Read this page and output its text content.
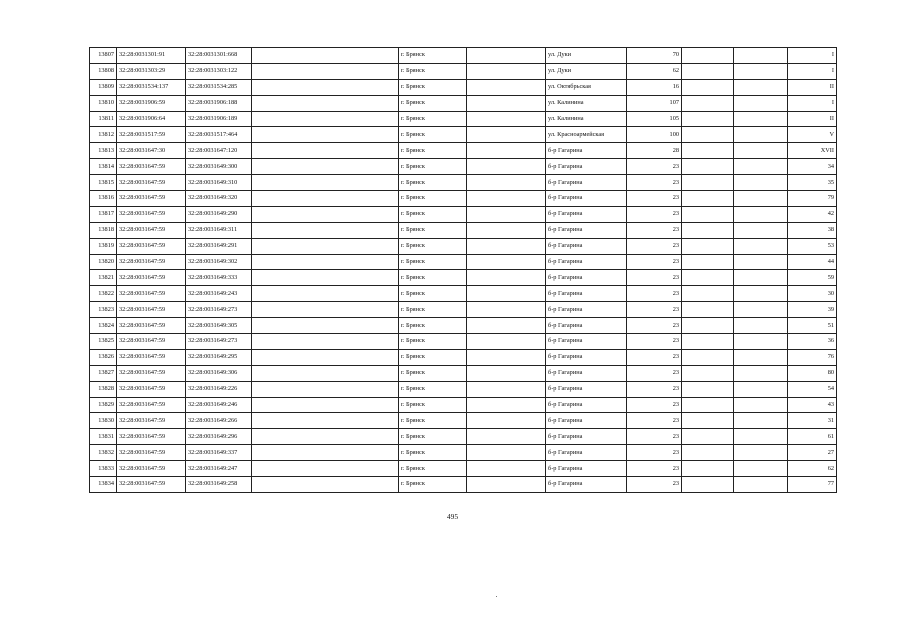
13807	32:28:0031301:91	32:28:0031301:668		г. Брянск		ул. Дуки	70			I
13808	32:28:0031303:29	32:28:0031303:122		г. Брянск		ул. Дуки	62			I
13809	32:28:0031534:137	32:28:0031534:285		г. Брянск		ул. Октябрьская	16			II
13810	32:28:0031906:59	32:28:0031906:188		г. Брянск		ул. Калинина	107			I
13811	32:28:0031906:64	32:28:0031906:189		г. Брянск		ул. Калинина	105			II
13812	32:28:0031517:59	32:28:0031517:464		г. Брянск		ул. Красноармейская	100			V
13813	32:28:0031647:30	32:28:0031647:120		г. Брянск		б-р Гагарина	28			XVII
13814	32:28:0031647:59	32:28:0031649:300		г. Брянск		б-р Гагарина	23			34
13815	32:28:0031647:59	32:28:0031649:310		г. Брянск		б-р Гагарина	23			35
13816	32:28:0031647:59	32:28:0031649:320		г. Брянск		б-р Гагарина	23			79
13817	32:28:0031647:59	32:28:0031649:290		г. Брянск		б-р Гагарина	23			42
13818	32:28:0031647:59	32:28:0031649:311		г. Брянск		б-р Гагарина	23			38
13819	32:28:0031647:59	32:28:0031649:291		г. Брянск		б-р Гагарина	23			53
13820	32:28:0031647:59	32:28:0031649:302		г. Брянск		б-р Гагарина	23			44
13821	32:28:0031647:59	32:28:0031649:333		г. Брянск		б-р Гагарина	23			59
13822	32:28:0031647:59	32:28:0031649:243		г. Брянск		б-р Гагарина	23			30
13823	32:28:0031647:59	32:28:0031649:273		г. Брянск		б-р Гагарина	23			39
13824	32:28:0031647:59	32:28:0031649:305		г. Брянск		б-р Гагарина	23			51
13825	32:28:0031647:59	32:28:0031649:273		г. Брянск		б-р Гагарина	23			36
13826	32:28:0031647:59	32:28:0031649:295		г. Брянск		б-р Гагарина	23			76
13827	32:28:0031647:59	32:28:0031649:306		г. Брянск		б-р Гагарина	23			80
13828	32:28:0031647:59	32:28:0031649:226		г. Брянск		б-р Гагарина	23			54
13829	32:28:0031647:59	32:28:0031649:246		г. Брянск		б-р Гагарина	23			43
13830	32:28:0031647:59	32:28:0031649:266		г. Брянск		б-р Гагарина	23			31
13831	32:28:0031647:59	32:28:0031649:296		г. Брянск		б-р Гагарина	23			61
13832	32:28:0031647:59	32:28:0031649:337		г. Брянск		б-р Гагарина	23			27
13833	32:28:0031647:59	32:28:0031649:247		г. Брянск		б-р Гагарина	23			62
13834	32:28:0031647:59	32:28:0031649:258		г. Брянск		б-р Гагарина	23			77
495
